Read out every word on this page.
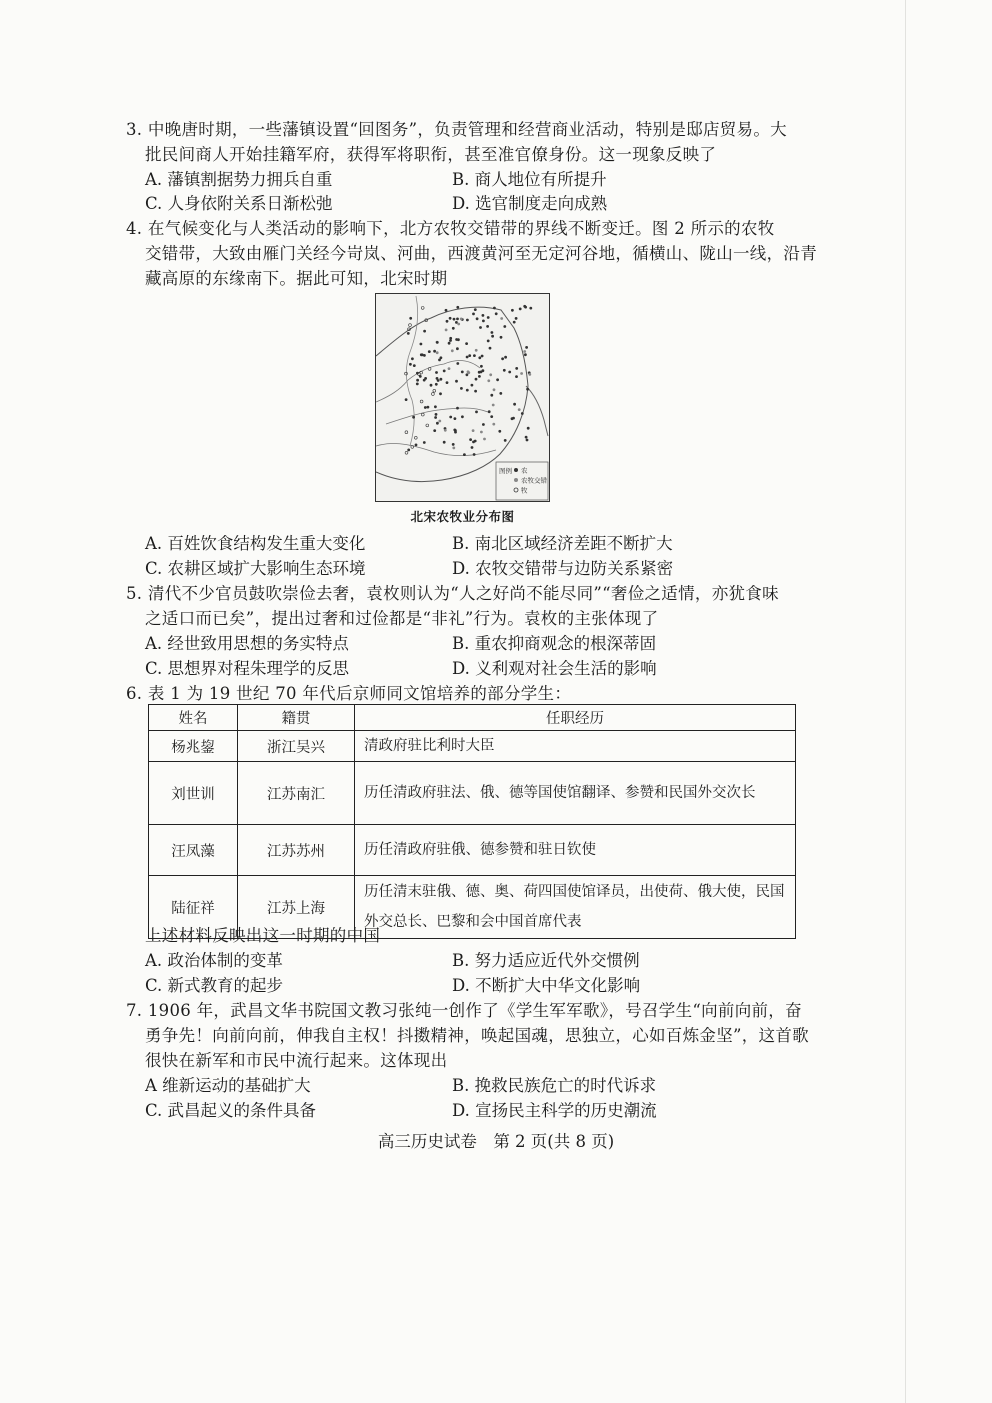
3. 中晚唐时期，一些藩镇设置“回图务”，负责管理和经营商业活动，特别是邸店贸易。大
批民间商人开始挂籍军府，获得军将职衔，甚至准官僚身份。这一现象反映了
A. 藩镇割据势力拥兵自重	B. 商人地位有所提升
C. 人身依附关系日渐松弛	D. 选官制度走向成熟
4. 在气候变化与人类活动的影响下，北方农牧交错带的界线不断变迁。图 2 所示的农牧
交错带，大致由雁门关经今岢岚、河曲，西渡黄河至无定河谷地，循横山、陇山一线，沿青
藏高原的东缘南下。据此可知，北宋时期
图例 农
农牧交错
牧
北宋农牧业分布图
A. 百姓饮食结构发生重大变化	B. 南北区域经济差距不断扩大
C. 农耕区域扩大影响生态环境	D. 农牧交错带与边防关系紧密
5. 清代不少官员鼓吹崇俭去奢，袁枚则认为“人之好尚不能尽同”“奢俭之适情，亦犹食味
之适口而已矣”，提出过奢和过俭都是“非礼”行为。袁枚的主张体现了
A. 经世致用思想的务实特点	B. 重农抑商观念的根深蒂固
C. 思想界对程朱理学的反思	D. 义利观对社会生活的影响
6. 表 1 为 19 世纪 70 年代后京师同文馆培养的部分学生：
姓名	籍贯	任职经历
杨兆鋆	浙江吴兴	清政府驻比利时大臣
刘世训	江苏南汇	历任清政府驻法、俄、德等国使馆翻译、参赞和民国外交次长
汪凤藻	江苏苏州	历任清政府驻俄、德参赞和驻日钦使
陆征祥	江苏上海	历任清末驻俄、德、奥、荷四国使馆译员，出使荷、俄大使，民国外交总长、巴黎和会中国首席代表
上述材料反映出这一时期的中国
A. 政治体制的变革	B. 努力适应近代外交惯例
C. 新式教育的起步	D. 不断扩大中华文化影响
7. 1906 年，武昌文华书院国文教习张纯一创作了《学生军军歌》，号召学生“向前向前，奋
勇争先！向前向前，伸我自主权！抖擞精神，唤起国魂，思独立，心如百炼金坚”，这首歌
很快在新军和市民中流行起来。这体现出
A 维新运动的基础扩大	B. 挽救民族危亡的时代诉求
C. 武昌起义的条件具备	D. 宣扬民主科学的历史潮流
高三历史试卷　第 2 页(共 8 页)
